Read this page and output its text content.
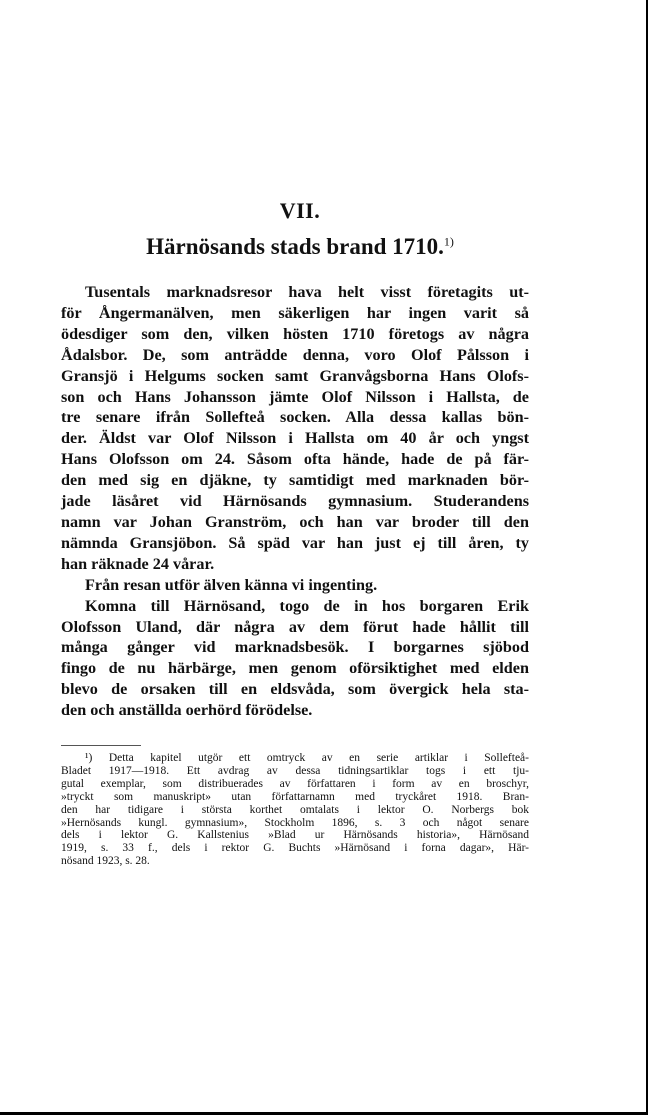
VII.
Härnösands stads brand 1710.$^{1)}$
Tusentals marknadsresor hava helt visst företagits ut-
för Ångermanälven, men säkerligen har ingen varit så
ödesdiger som den, vilken hösten 1710 företogs av några
Ådalsbor. De, som anträdde denna, voro Olof Pålsson i
Gransjö i Helgums socken samt Granvågsborna Hans Olofs-
son och Hans Johansson jämte Olof Nilsson i Hallsta, de
tre senare ifrån Sollefteå socken. Alla dessa kallas bön-
der. Äldst var Olof Nilsson i Hallsta om 40 år och yngst
Hans Olofsson om 24. Såsom ofta hände, hade de på fär-
den med sig en djäkne, ty samtidigt med marknaden bör-
jade läsåret vid Härnösands gymnasium. Studerandens
namn var Johan Granström, och han var broder till den
nämnda Gransjöbon. Så späd var han just ej till åren, ty
han räknade 24 vårar.
Från resan utför älven känna vi ingenting.
Komna till Härnösand, togo de in hos borgaren Erik
Olofsson Uland, där några av dem förut hade hållit till
många gånger vid marknadsbesök. I borgarnes sjöbod
fingo de nu härbärge, men genom oförsiktighet med elden
blevo de orsaken till en eldsvåda, som övergick hela sta-
den och anställda oerhörd förödelse.
¹) Detta kapitel utgör ett omtryck av en serie artiklar i Sollefteå-
Bladet 1917—1918. Ett avdrag av dessa tidningsartiklar togs i ett tju-
gutal exemplar, som distribuerades av författaren i form av en broschyr,
»tryckt som manuskript» utan författarnamn med tryckåret 1918. Bran-
den har tidigare i största korthet omtalats i lektor O. Norbergs bok
»Hernösands kungl. gymnasium», Stockholm 1896, s. 3 och något senare
dels i lektor G. Kallstenius »Blad ur Härnösands historia», Härnösand
1919, s. 33 f., dels i rektor G. Buchts »Härnösand i forna dagar», Här-
nösand 1923, s. 28.
